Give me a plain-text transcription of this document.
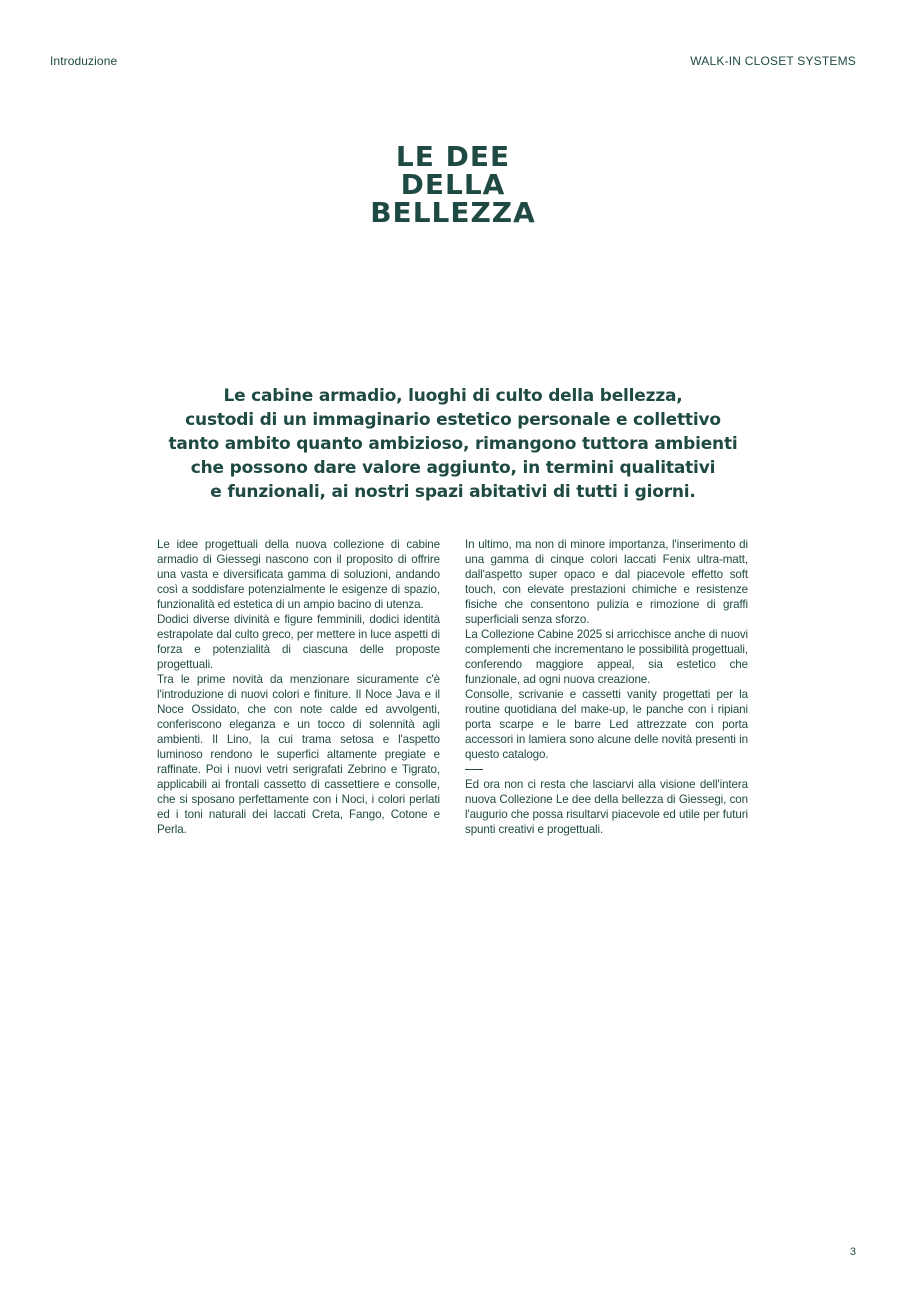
Introduzione	WALK-IN CLOSET SYSTEMS
LE DEE
DELLA
BELLEZZA
Le cabine armadio, luoghi di culto della bellezza,
custodi di un immaginario estetico personale e collettivo
tanto ambito quanto ambizioso, rimangono tuttora ambienti
che possono dare valore aggiunto, in termini qualitativi
e funzionali, ai nostri spazi abitativi di tutti i giorni.

Le idee progettuali della nuova collezione di cabine armadio di Giessegi nascono con il proposito di offrire una vasta e diversificata gamma di soluzioni, andando così a soddisfare potenzialmente le esigenze di spazio, funzionalità ed estetica di un ampio bacino di utenza.

Dodici diverse divinità e figure femminili, dodici identità estrapolate dal culto greco, per mettere in luce aspetti di forza e potenzialità di ciascuna delle proposte progettuali.

Tra le prime novità da menzionare sicuramente c'è l'introduzione di nuovi colori e finiture. Il Noce Java e il Noce Ossidato, che con note calde ed avvolgenti, conferiscono eleganza e un tocco di solennità agli ambienti. Il Lino, la cui trama setosa e l'aspetto luminoso rendono le superfici altamente pregiate e raffinate. Poi i nuovi vetri serigrafati Zebrino e Tigrato, applicabili ai frontali cassetto di cassettiere e consolle, che si sposano perfettamente con i Noci, i colori perlati ed i toni naturali dei laccati Creta, Fango, Cotone e Perla.

In ultimo, ma non di minore importanza, l'inserimento di una gamma di cinque colori laccati Fenix ultra-matt, dall'aspetto super opaco e dal piacevole effetto soft touch, con elevate prestazioni chimiche e resistenze fisiche che consentono pulizia e rimozione di graffi superficiali senza sforzo.

La Collezione Cabine 2025 si arricchisce anche di nuovi complementi che incrementano le possibilità progettuali, conferendo maggiore appeal, sia estetico che funzionale, ad ogni nuova creazione.

Consolle, scrivanie e cassetti vanity progettati per la routine quotidiana del make-up, le panche con i ripiani porta scarpe e le barre Led attrezzate con porta accessori in lamiera sono alcune delle novità presenti in questo catalogo.

Ed ora non ci resta che lasciarvi alla visione dell'intera nuova Collezione Le dee della bellezza di Giessegi, con l'augurio che possa risultarvi piacevole ed utile per futuri spunti creativi e progettuali.

3
